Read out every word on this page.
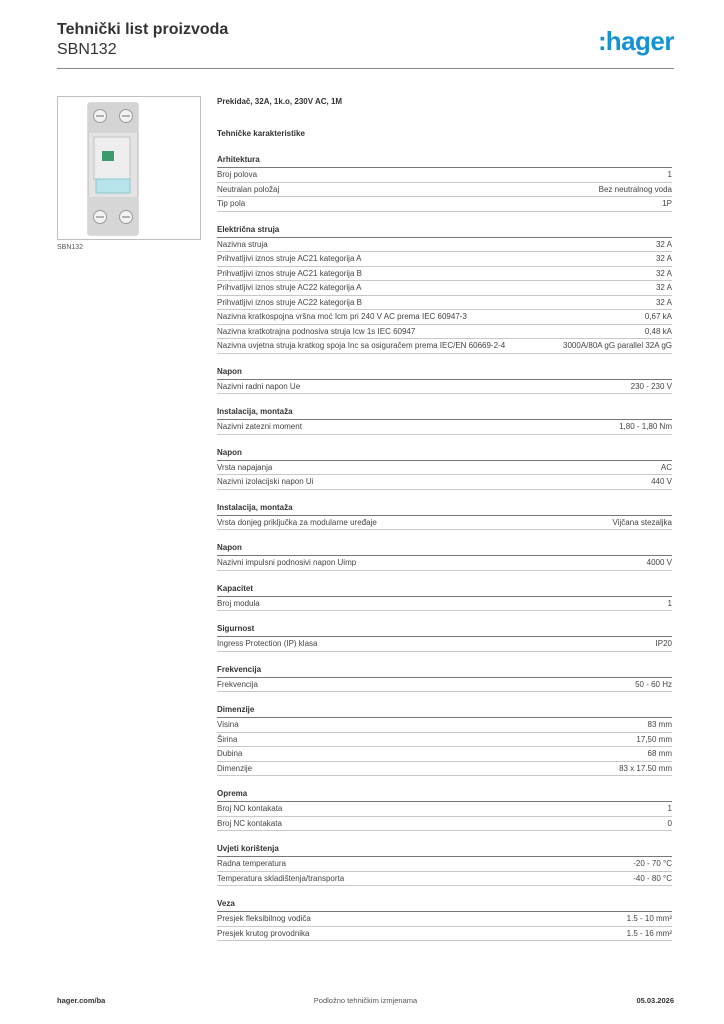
Tehnički list proizvoda
SBN132	:hager
SBN132
Prekidač, 32A, 1k.o, 230V AC, 1M
Tehničke karakteristike
Arhitektura
Broj polova	1
Neutralan položaj	Bez neutralnog voda
Tip pola	1P
Električna struja
Nazivna struja	32 A
Prihvatljivi iznos struje AC21 kategorija A	32 A
Prihvatljivi iznos struje AC21 kategorija B	32 A
Prihvatljivi iznos struje AC22 kategorija A	32 A
Prihvatljivi iznos struje AC22 kategorija B	32 A
Nazivna kratkospojna vršna moć Icm pri 240 V AC prema IEC 60947-3	0,67 kA
Nazivna kratkotrajna podnosiva struja Icw 1s IEC 60947	0,48 kA
Nazivna uvjetna struja kratkog spoja Inc sa osiguračem prema IEC/EN 60669-2-4	3000A/80A gG parallel 32A gG
Napon
Nazivni radni napon Ue	230 - 230 V
Instalacija, montaža
Nazivni zatezni moment	1,80 - 1,80 Nm
Napon
Vrsta napajanja	AC
Nazivni izolacijski napon Ui	440 V
Instalacija, montaža
Vrsta donjeg priključka za modularne uređaje	Vijčana stezaljka
Napon
Nazivni impulsni podnosivi napon Uimp	4000 V
Kapacitet
Broj modula	1
Sigurnost
Ingress Protection (IP) klasa	IP20
Frekvencija
Frekvencija	50 - 60 Hz
Dimenzije
Visina	83 mm
Širina	17,50 mm
Dubina	68 mm
Dimenzije	83 x 17.50 mm
Oprema
Broj NO kontakata	1
Broj NC kontakata	0
Uvjeti korištenja
Radna temperatura	-20 - 70 °C
Temperatura skladištenja/transporta	-40 - 80 °C
Veza
Presjek fleksibilnog vodiča	1.5 - 10 mm²
Presjek krutog provodnika	1.5 - 16 mm²
hager.com/ba	Podložno tehničkim izmjenama	05.03.2026
